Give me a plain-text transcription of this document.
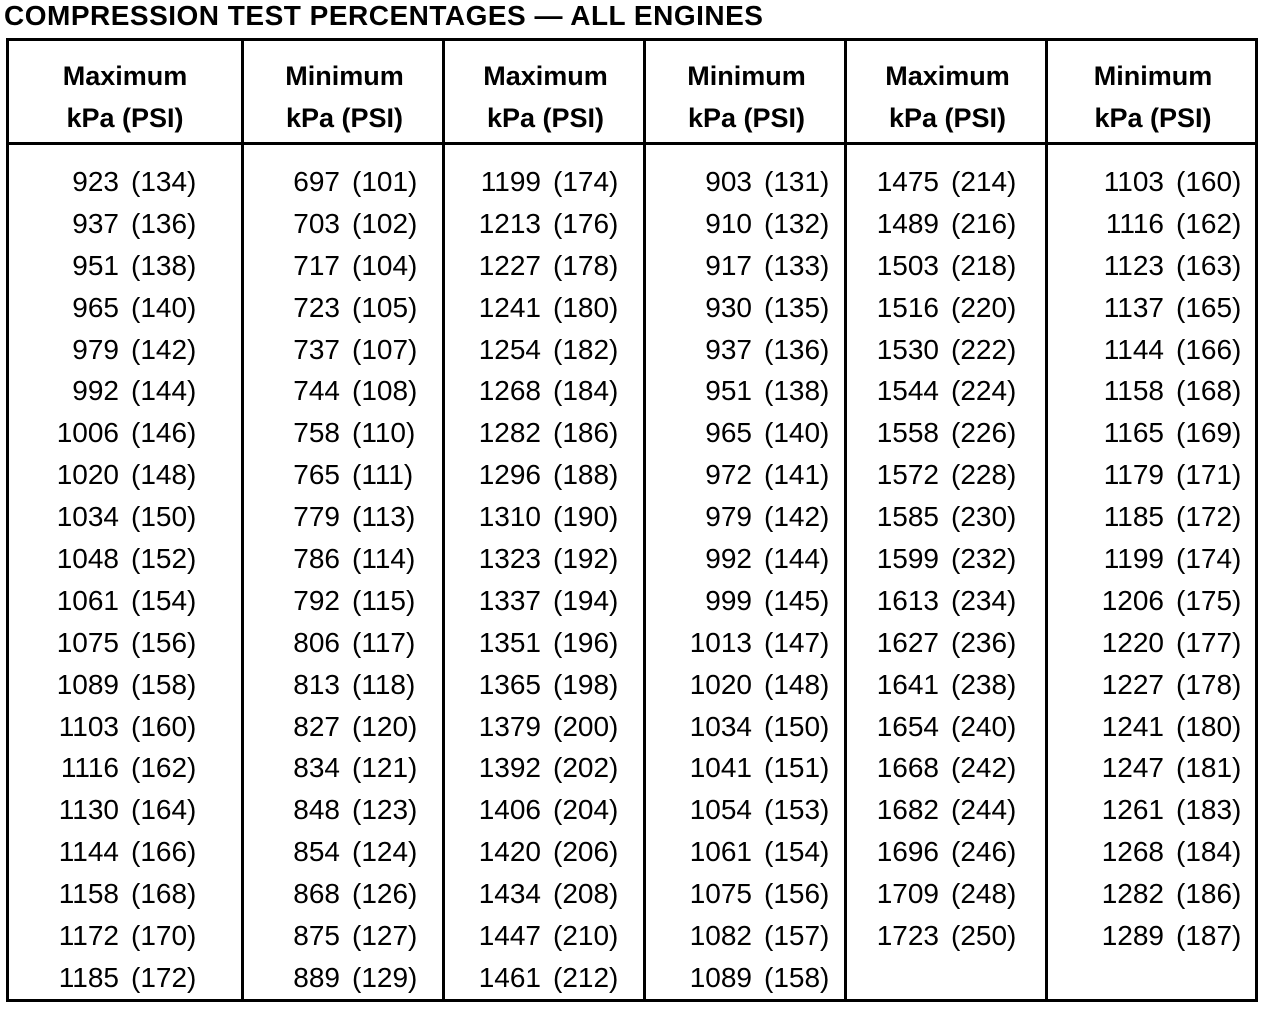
COMPRESSION TEST PERCENTAGES — ALL ENGINES
Maximum
kPa (PSI)
923 (134)
937 (136)
951 (138)
965 (140)
979 (142)
992 (144)
1006 (146)
1020 (148)
1034 (150)
1048 (152)
1061 (154)
1075 (156)
1089 (158)
1103 (160)
1116 (162)
1130 (164)
1144 (166)
1158 (168)
1172 (170)
1185 (172)
Minimum
kPa (PSI)
697 (101)
703 (102)
717 (104)
723 (105)
737 (107)
744 (108)
758 (110)
765 (111)
779 (113)
786 (114)
792 (115)
806 (117)
813 (118)
827 (120)
834 (121)
848 (123)
854 (124)
868 (126)
875 (127)
889 (129)
Maximum
kPa (PSI)
1199 (174)
1213 (176)
1227 (178)
1241 (180)
1254 (182)
1268 (184)
1282 (186)
1296 (188)
1310 (190)
1323 (192)
1337 (194)
1351 (196)
1365 (198)
1379 (200)
1392 (202)
1406 (204)
1420 (206)
1434 (208)
1447 (210)
1461 (212)
Minimum
kPa (PSI)
903 (131)
910 (132)
917 (133)
930 (135)
937 (136)
951 (138)
965 (140)
972 (141)
979 (142)
992 (144)
999 (145)
1013 (147)
1020 (148)
1034 (150)
1041 (151)
1054 (153)
1061 (154)
1075 (156)
1082 (157)
1089 (158)
Maximum
kPa (PSI)
1475 (214)
1489 (216)
1503 (218)
1516 (220)
1530 (222)
1544 (224)
1558 (226)
1572 (228)
1585 (230)
1599 (232)
1613 (234)
1627 (236)
1641 (238)
1654 (240)
1668 (242)
1682 (244)
1696 (246)
1709 (248)
1723 (250)
Minimum
kPa (PSI)
1103 (160)
1116 (162)
1123 (163)
1137 (165)
1144 (166)
1158 (168)
1165 (169)
1179 (171)
1185 (172)
1199 (174)
1206 (175)
1220 (177)
1227 (178)
1241 (180)
1247 (181)
1261 (183)
1268 (184)
1282 (186)
1289 (187)
